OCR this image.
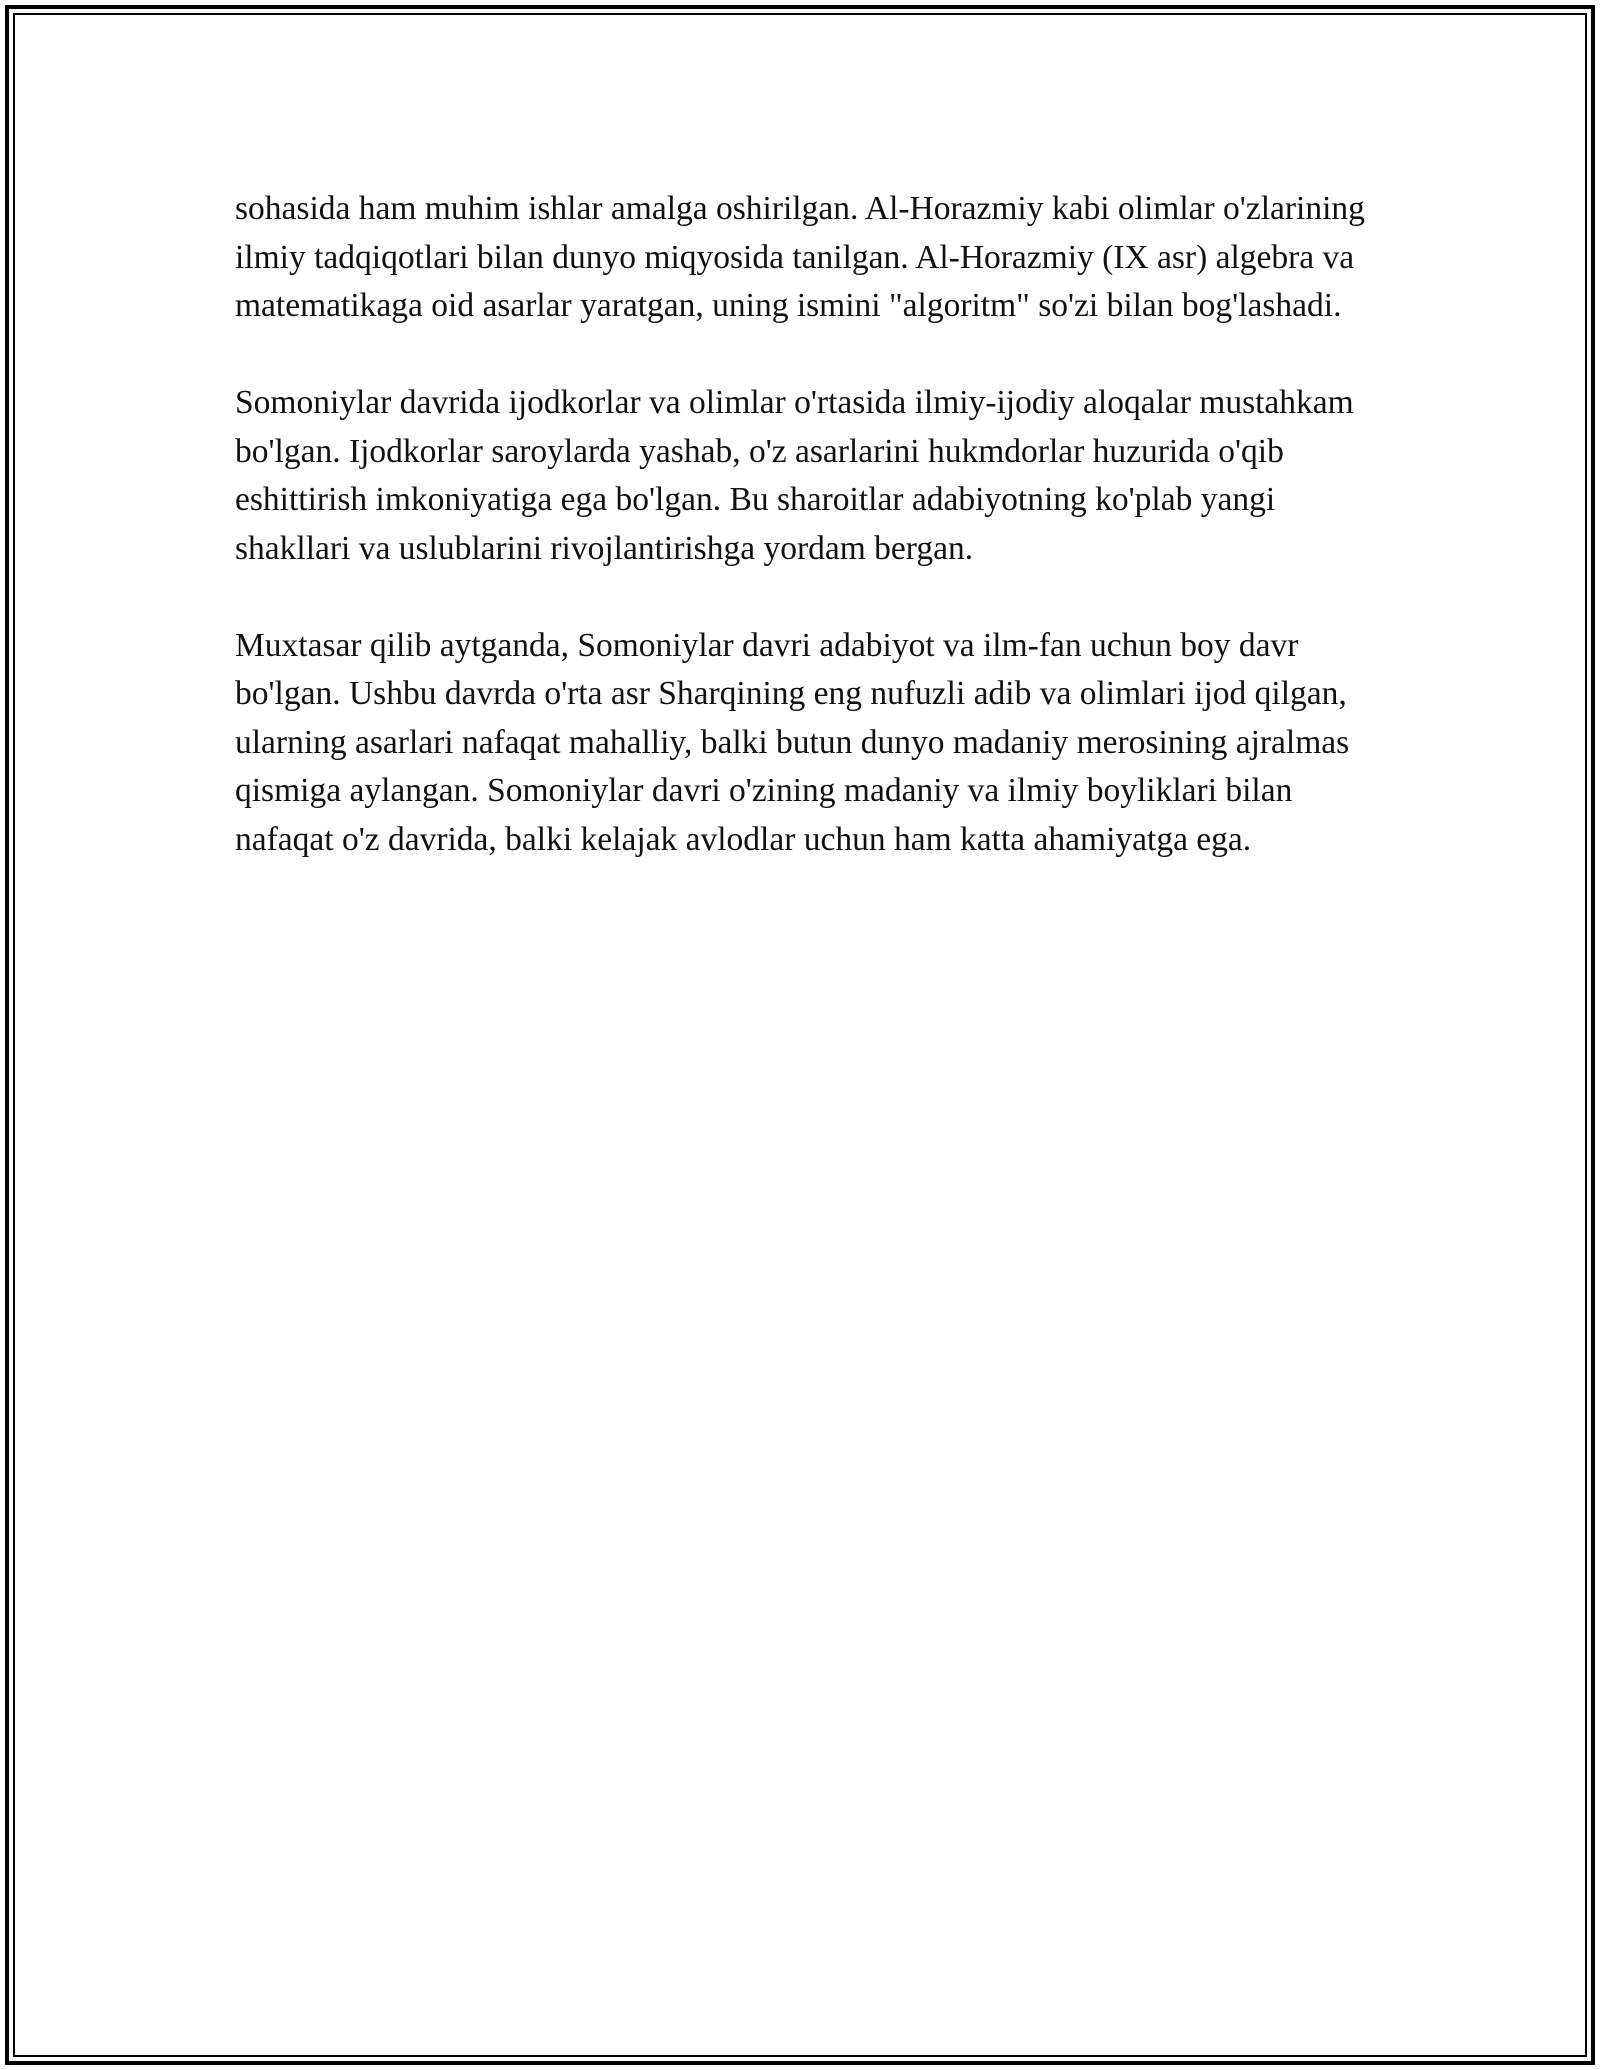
sohasida ham muhim ishlar amalga oshirilgan. Al-Horazmiy kabi olimlar o'zlarining ilmiy tadqiqotlari bilan dunyo miqyosida tanilgan. Al-Horazmiy (IX asr) algebra va matematikaga oid asarlar yaratgan, uning ismini "algoritm" so'zi bilan bog'lashadi.

Somoniylar davrida ijodkorlar va olimlar o'rtasida ilmiy-ijodiy aloqalar mustahkam bo'lgan. Ijodkorlar saroylarda yashab, o'z asarlarini hukmdorlar huzurida o'qib eshittirish imkoniyatiga ega bo'lgan. Bu sharoitlar adabiyotning ko'plab yangi shakllari va uslublarini rivojlantirishga yordam bergan.

Muxtasar qilib aytganda, Somoniylar davri adabiyot va ilm-fan uchun boy davr bo'lgan. Ushbu davrda o'rta asr Sharqining eng nufuzli adib va olimlari ijod qilgan, ularning asarlari nafaqat mahalliy, balki butun dunyo madaniy merosining ajralmas qismiga aylangan. Somoniylar davri o'zining madaniy va ilmiy boyliklari bilan nafaqat o'z davrida, balki kelajak avlodlar uchun ham katta ahamiyatga ega.
